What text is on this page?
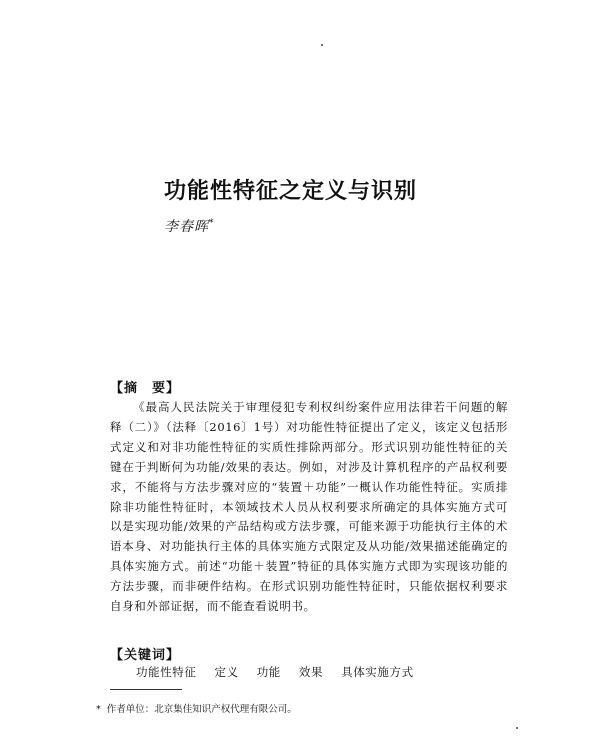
功能性特征之定义与识别
李春晖*
【摘　要】

《最高人民法院关于审理侵犯专利权纠纷案件应用法律若干问题的解释（二）》（法释〔2016〕1号）对功能性特征提出了定义，该定义包括形式定义和对非功能性特征的实质性排除两部分。形式识别功能性特征的关键在于判断何为功能/效果的表达。例如，对涉及计算机程序的产品权利要求，不能将与方法步骤对应的“装置＋功能”一概认作功能性特征。实质排除非功能性特征时，本领域技术人员从权利要求所确定的具体实施方式可以是实现功能/效果的产品结构或方法步骤，可能来源于功能执行主体的术语本身、对功能执行主体的具体实施方式限定及从功能/效果描述能确定的具体实施方式。前述“功能＋装置”特征的具体实施方式即为实现该功能的方法步骤，而非硬件结构。在形式识别功能性特征时，只能依据权利要求自身和外部证据，而不能查看说明书。

【关键词】
功能性特征 定义 功能 效果 具体实施方式
* 作者单位：北京集佳知识产权代理有限公司。
